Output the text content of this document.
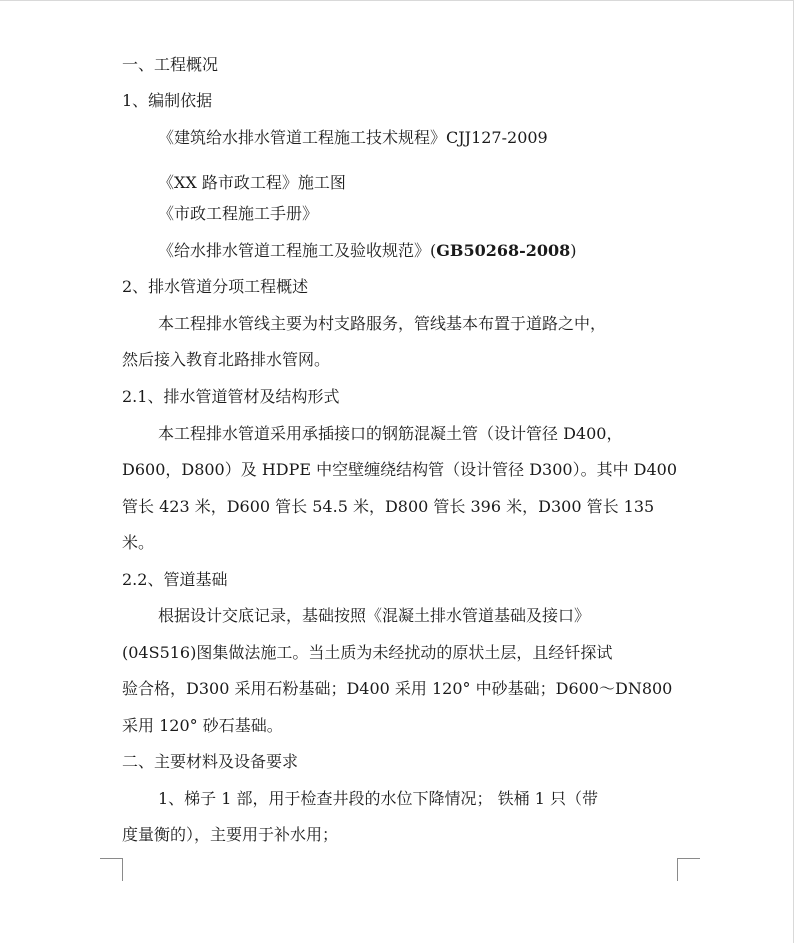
一、工程概况
1、编制依据
《建筑给水排水管道工程施工技术规程》CJJ127-2009
《XX 路市政工程》施工图
《市政工程施工手册》
《给水排水管道工程施工及验收规范》(GB50268-2008)
2、排水管道分项工程概述
本工程排水管线主要为村支路服务，管线基本布置于道路之中，
然后接入教育北路排水管网。
2.1、排水管道管材及结构形式
本工程排水管道采用承插接口的钢筋混凝土管（设计管径 D400，
D600，D800）及 HDPE 中空壁缠绕结构管（设计管径 D300）。其中 D400
管长 423 米，D600 管长 54.5 米，D800 管长 396 米，D300 管长 135
米。
2.2、管道基础
根据设计交底记录，基础按照《混凝土排水管道基础及接口》
(04S516)图集做法施工。当土质为未经扰动的原状土层，且经钎探试
验合格，D300 采用石粉基础；D400 采用 120° 中砂基础；D600～DN800
采用 120° 砂石基础。
二、主要材料及设备要求
1、梯子 1 部，用于检查井段的水位下降情况； 铁桶 1 只（带
度量衡的），主要用于补水用；
